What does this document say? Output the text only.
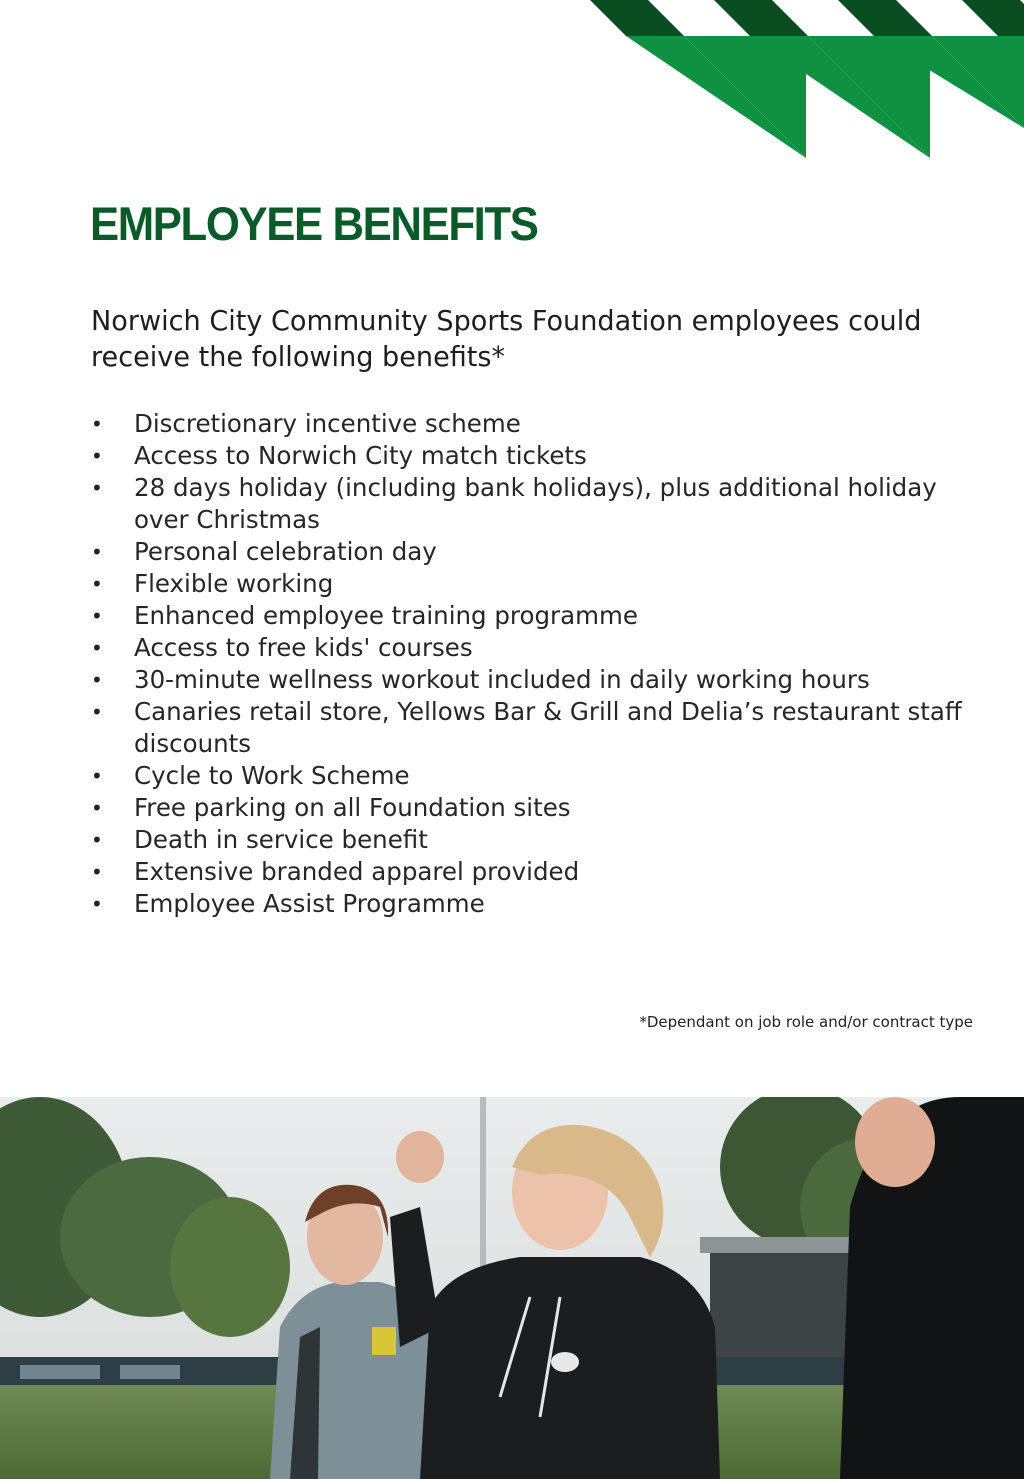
EMPLOYEE BENEFITS

Norwich City Community Sports Foundation employees could receive the following benefits*

• Discretionary incentive scheme
• Access to Norwich City match tickets
• 28 days holiday (including bank holidays), plus additional holiday over Christmas
• Personal celebration day
• Flexible working
• Enhanced employee training programme
• Access to free kids' courses
• 30-minute wellness workout included in daily working hours
• Canaries retail store, Yellows Bar & Grill and Delia’s restaurant staff discounts
• Cycle to Work Scheme
• Free parking on all Foundation sites
• Death in service benefit
• Extensive branded apparel provided
• Employee Assist Programme

*Dependant on job role and/or contract type
